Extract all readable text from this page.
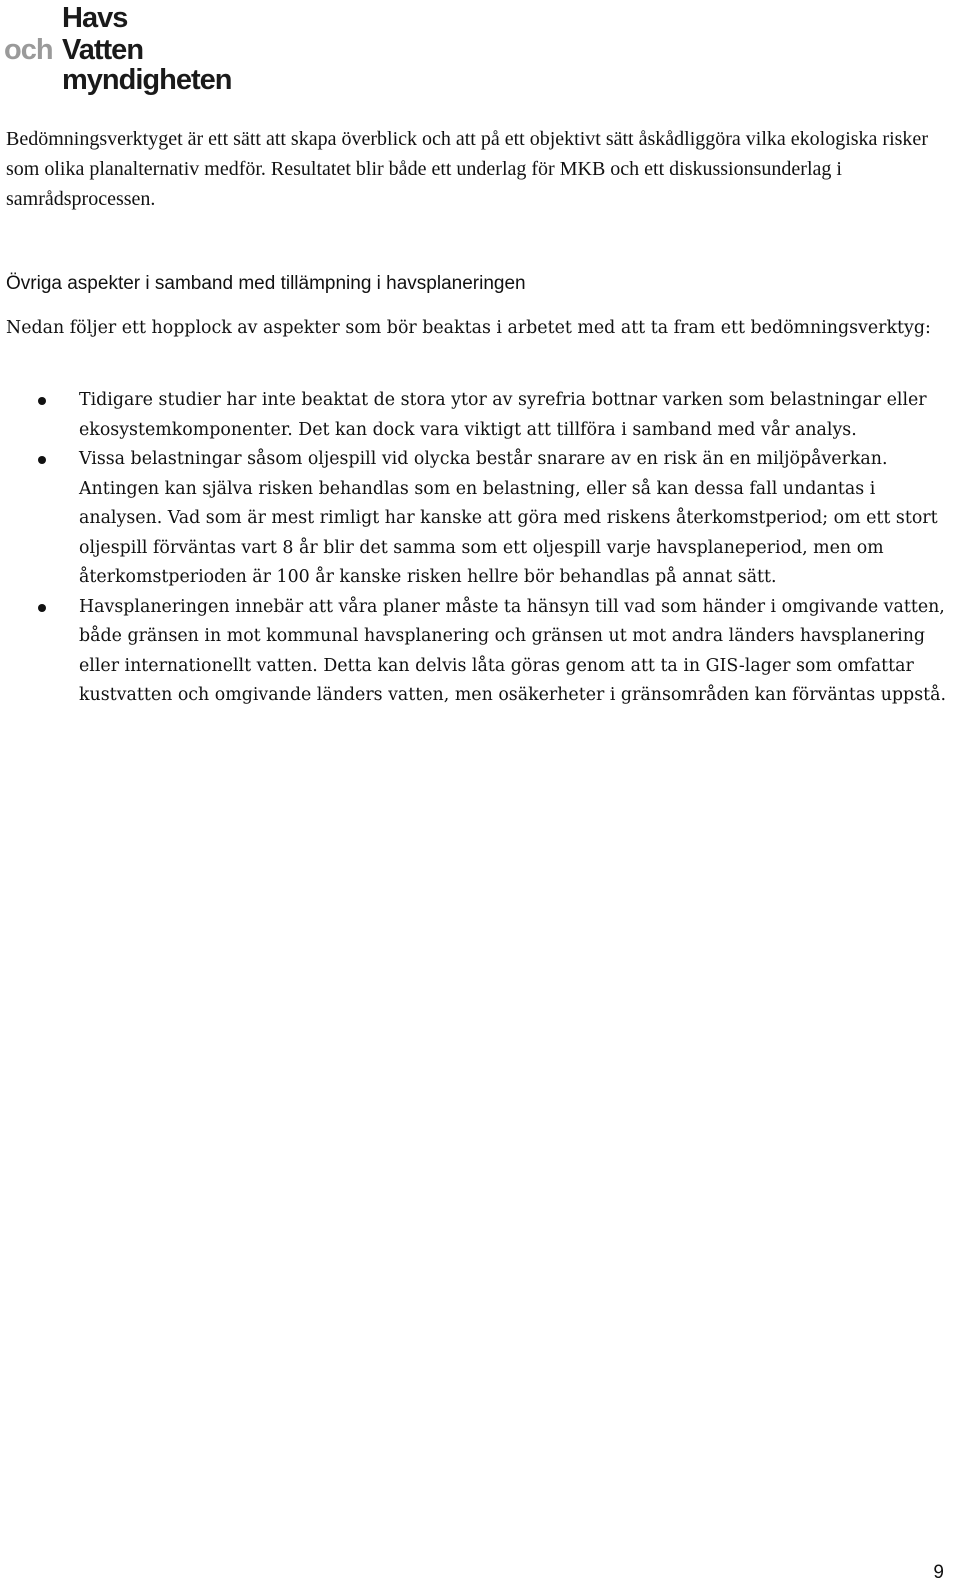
Havs
och Vatten
myndigheten

Bedömningsverktyget är ett sätt att skapa överblick och att på ett objektivt sätt åskådliggöra vilka ekologiska risker som olika planalternativ medför. Resultatet blir både ett underlag för MKB och ett diskussionsunderlag i samrådsprocessen.

Övriga aspekter i samband med tillämpning i havsplaneringen

Nedan följer ett hopplock av aspekter som bör beaktas i arbetet med att ta fram ett bedömningsverktyg:

Tidigare studier har inte beaktat de stora ytor av syrefria bottnar varken som belastningar eller ekosystemkomponenter. Det kan dock vara viktigt att tillföra i samband med vår analys.
Vissa belastningar såsom oljespill vid olycka består snarare av en risk än en miljöpåverkan. Antingen kan själva risken behandlas som en belastning, eller så kan dessa fall undantas i analysen. Vad som är mest rimligt har kanske att göra med riskens återkomstperiod; om ett stort oljespill förväntas vart 8 år blir det samma som ett oljespill varje havsplaneperiod, men om återkomstperioden är 100 år kanske risken hellre bör behandlas på annat sätt.
Havsplaneringen innebär att våra planer måste ta hänsyn till vad som händer i omgivande vatten, både gränsen in mot kommunal havsplanering och gränsen ut mot andra länders havsplanering eller internationellt vatten. Detta kan delvis låta göras genom att ta in GIS-lager som omfattar kustvatten och omgivande länders vatten, men osäkerheter i gränsområden kan förväntas uppstå.
9
